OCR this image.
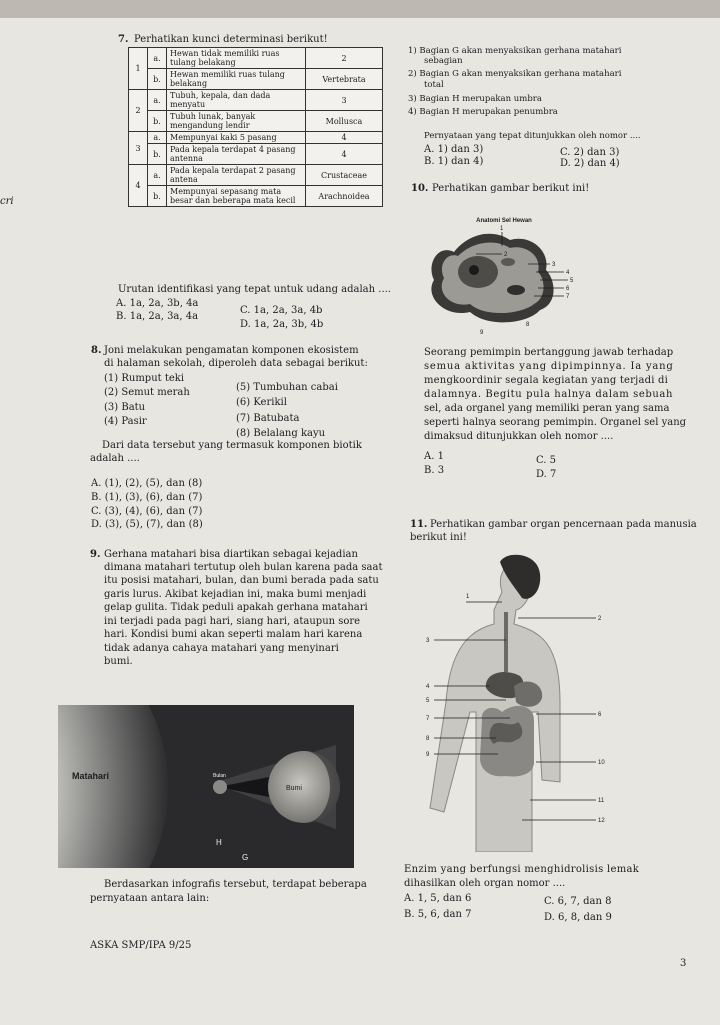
cri
7. Perhatikan kunci determinasi berikut!
1	a.	Hewan tidak memiliki ruas tulang belakang	2
	b.	Hewan memiliki ruas tulang belakang	Vertebrata
2	a.	Tubuh, kepala, dan dada menyatu	3
	b.	Tubuh lunak, banyak mengandung lendir	Mollusca
3	a.	Mempunyai kaki 5 pasang	4
	b.	Pada kepala terdapat 4 pasang antenna	4
4	a.	Pada kepala terdapat 2 pasang antena	Crustaceae
	b.	Mempunyai sepasang mata besar dan beberapa mata kecil	Arachnoidea
Urutan identifikasi yang tepat untuk udang adalah ....
A. 1a, 2a, 3b, 4a
B. 1a, 2a, 3a, 4a
C. 1a, 2a, 3a, 4b
D. 1a, 2a, 3b, 4b
8. Joni melakukan pengamatan komponen ekosistem
di halaman sekolah, diperoleh data sebagai berikut:
(1) Rumput teki
(2) Semut merah
(3) Batu
(4) Pasir
(5) Tumbuhan cabai
(6) Kerikil
(7) Batubata
(8) Belalang kayu
Dari data tersebut yang termasuk komponen biotik
adalah ....
A. (1), (2), (5), dan (8)
B. (1), (3), (6), dan (7)
C. (3), (4), (6), dan (7)
D. (3), (5), (7), dan (8)
9. Gerhana matahari bisa diartikan sebagai kejadian
dimana matahari tertutup oleh bulan karena pada saat
itu posisi matahari, bulan, dan bumi berada pada satu
garis lurus. Akibat kejadian ini, maka bumi menjadi
gelap gulita. Tidak peduli apakah gerhana matahari
ini terjadi pada pagi hari, siang hari, ataupun sore
hari. Kondisi bumi akan seperti malam hari karena
tidak adanya cahaya matahari yang menyinari
bumi.
Matahari	Bulan
Bumi
H
G
Berdasarkan infografis tersebut, terdapat beberapa
pernyataan antara lain:
1) Bagian G akan menyaksikan gerhana matahari
sebagian
2) Bagian G akan menyaksikan gerhana matahari
total
3) Bagian H merupakan umbra
4) Bagian H merupakan penumbra
Pernyataan yang tepat ditunjukkan oleh nomor ....
A. 1) dan 3)
B. 1) dan 4)
C. 2) dan 3)
D. 2) dan 4)
10. Perhatikan gambar berikut ini!
Anatomi Sel Hewan
1
2
3
4
5
6
7
8
9
Seorang pemimpin bertanggung jawab terhadap
semua aktivitas yang dipimpinnya. Ia yang
mengkoordinir segala kegiatan yang terjadi di
dalamnya. Begitu pula halnya dalam sebuah
sel, ada organel yang memiliki peran yang sama
seperti halnya seorang pemimpin. Organel sel yang
dimaksud ditunjukkan oleh nomor ....
A. 1
B. 3
C. 5
D. 7
11. Perhatikan gambar organ pencernaan pada manusia
berikut ini!
1
2
3
4
5
7
6
8
9
10
11
12
Enzim yang berfungsi menghidrolisis lemak
dihasilkan oleh organ nomor ....
A. 1, 5, dan 6
B. 5, 6, dan 7
C. 6, 7, dan 8
D. 6, 8, dan 9
ASKA SMP/IPA 9/25
3
